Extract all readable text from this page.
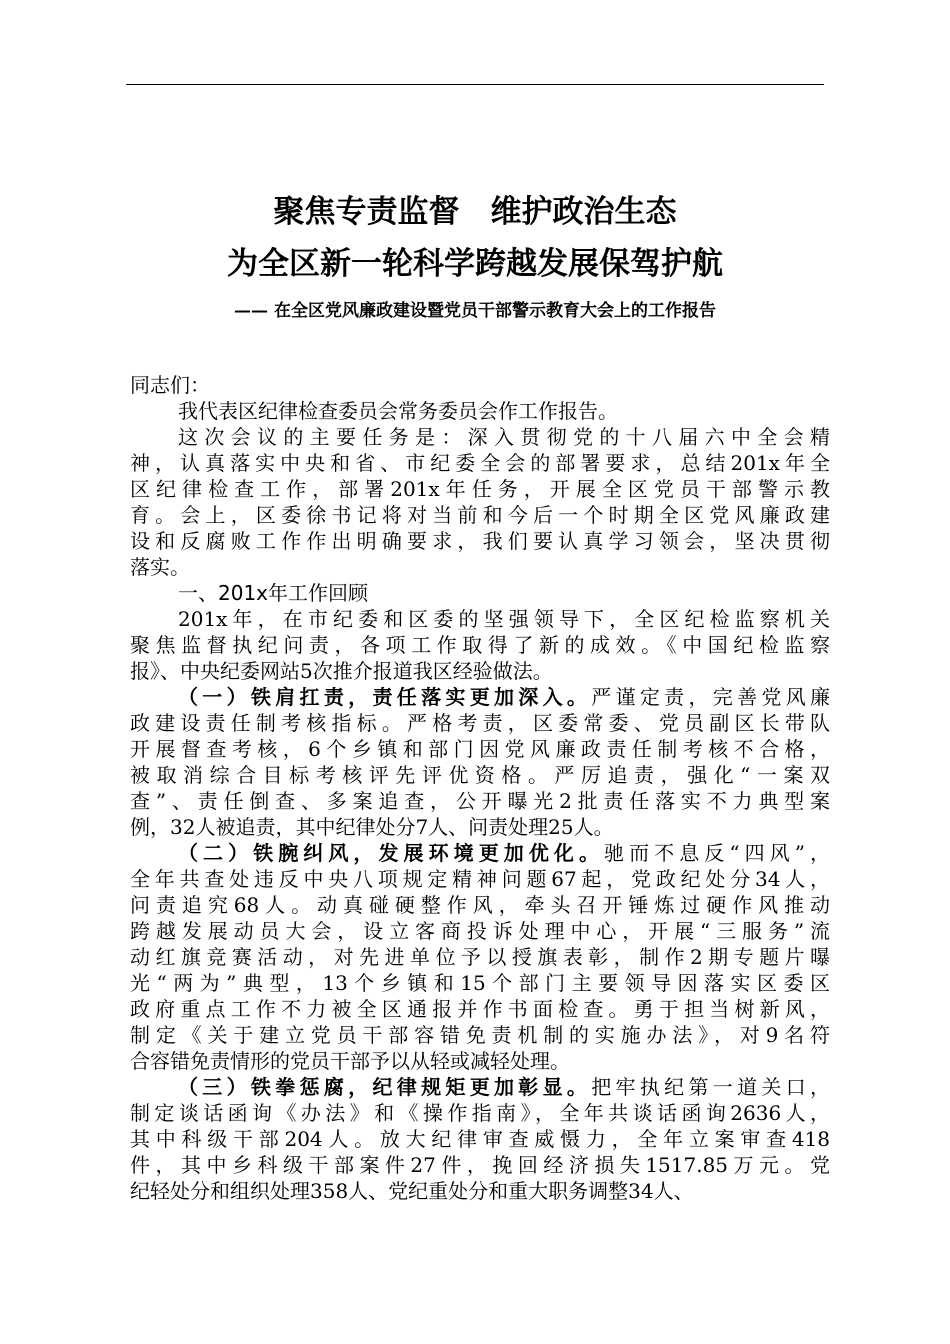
聚焦专责监督　维护政治生态
为全区新一轮科学跨越发展保驾护航
—— 在全区党风廉政建设暨党员干部警示教育大会上的工作报告
同志们：
我代表区纪律检查委员会常务委员会作工作报告。
这次会议的主要任务是：深入贯彻党的十八届六中全会精
神，认真落实中央和省、市纪委全会的部署要求，总结201x年全
区纪律检查工作，部署201x年任务，开展全区党员干部警示教
育。会上，区委徐书记将对当前和今后一个时期全区党风廉政建
设和反腐败工作作出明确要求，我们要认真学习领会，坚决贯彻
落实。
一、201x年工作回顾
201x年，在市纪委和区委的坚强领导下，全区纪检监察机关
聚焦监督执纪问责，各项工作取得了新的成效。《中国纪检监察
报》、中央纪委网站5次推介报道我区经验做法。
（一）铁肩扛责，责任落实更加深入。严谨定责，完善党风廉
政建设责任制考核指标。严格考责，区委常委、党员副区长带队
开展督查考核，6个乡镇和部门因党风廉政责任制考核不合格，
被取消综合目标考核评先评优资格。严厉追责，强化“一案双
查”、责任倒查、多案追查，公开曝光2批责任落实不力典型案
例，32人被追责，其中纪律处分7人、问责处理25人。
（二）铁腕纠风，发展环境更加优化。驰而不息反“四风”，
全年共查处违反中央八项规定精神问题67起，党政纪处分34人，
问责追究68人。动真碰硬整作风，牵头召开锤炼过硬作风推动
跨越发展动员大会，设立客商投诉处理中心，开展“三服务”流
动红旗竞赛活动，对先进单位予以授旗表彰，制作2期专题片曝
光“两为”典型，13个乡镇和15个部门主要领导因落实区委区
政府重点工作不力被全区通报并作书面检查。勇于担当树新风，
制定《关于建立党员干部容错免责机制的实施办法》，对9名符
合容错免责情形的党员干部予以从轻或减轻处理。
（三）铁拳惩腐，纪律规矩更加彰显。把牢执纪第一道关口，
制定谈话函询《办法》和《操作指南》，全年共谈话函询2636人，
其中科级干部204人。放大纪律审查威慑力，全年立案审查418
件，其中乡科级干部案件27件，挽回经济损失1517.85万元。党
纪轻处分和组织处理358人、党纪重处分和重大职务调整34人、
